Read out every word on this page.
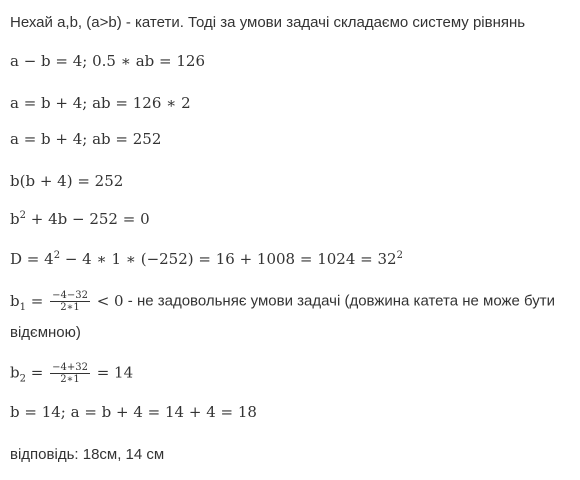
Нехай a,b, (a>b) - катети. Тоді за умови задачі складаємо систему рівнянь
a − b = 4; 0.5 ∗ ab = 126
a = b + 4; ab = 126 ∗ 2
a = b + 4; ab = 252
b(b + 4) = 252
$b^2 + 4b - 252 = 0$
$D = 4^2 - 4$ ∗ 1 ∗ $(-252) = 16 + 1008 = 1024 = 32^2$
$b_1 = \frac{-4-32}{2∗1} < 0$ - не задовольняє умови задачі (довжина катета не може бути
відємною)
$b_2 = \frac{-4+32}{2∗1} = 14$
b = 14; a = b + 4 = 14 + 4 = 18
відповідь: 18см, 14 см
